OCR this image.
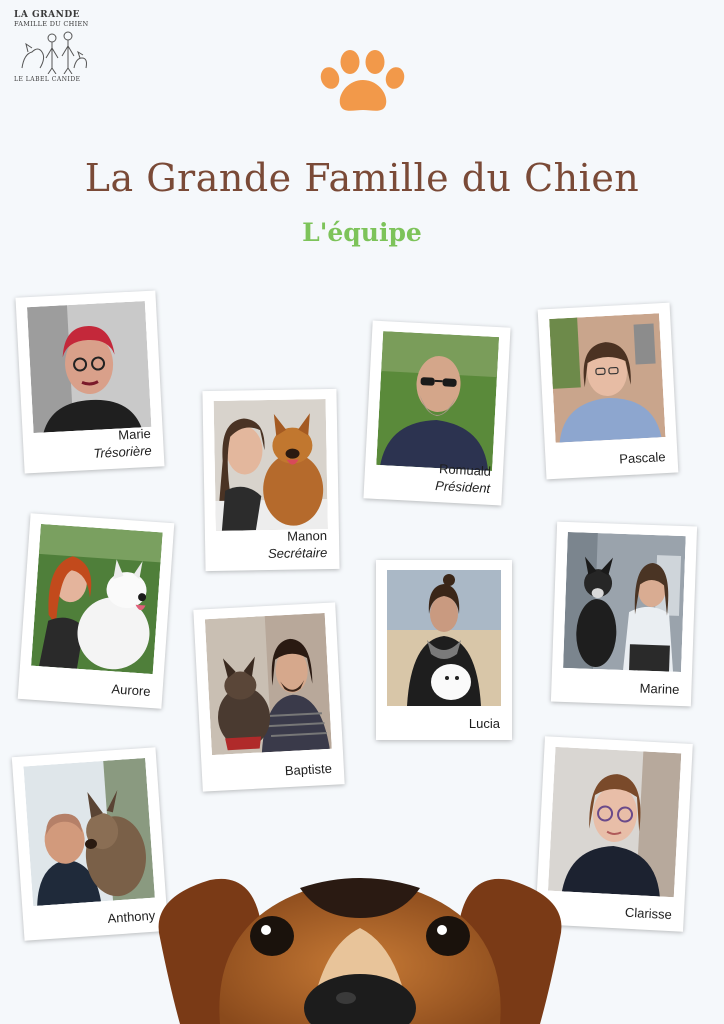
LA GRANDE
FAMILLE DU CHIEN
LE LABEL CANIDE
La Grande Famille du Chien
L'équipe
Marie
Trésorière
Manon
Secrétaire
Romuald
Président
Pascale
Aurore
Baptiste
Lucia
Marine
Anthony	Clarisse
